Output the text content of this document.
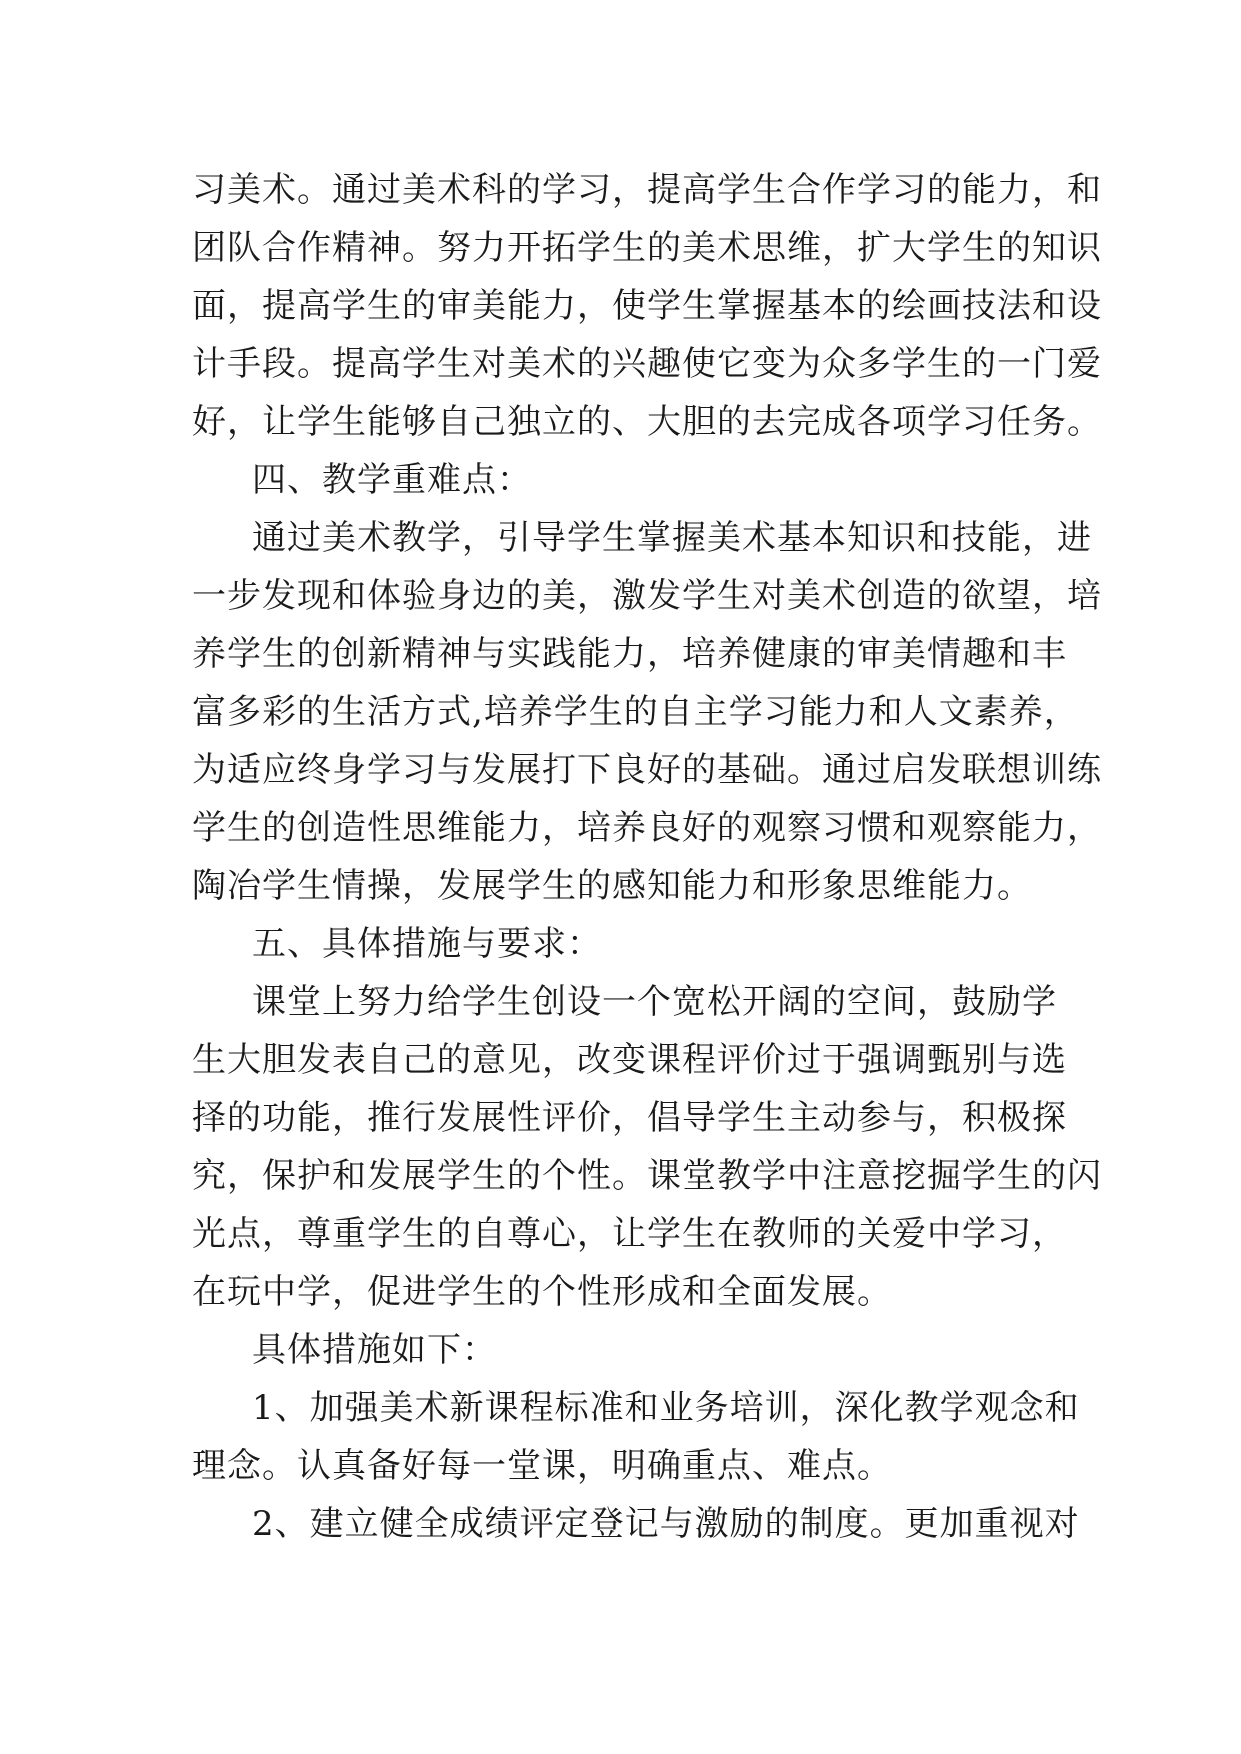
习美术。通过美术科的学习，提高学生合作学习的能力，和
团队合作精神。努力开拓学生的美术思维，扩大学生的知识
面，提高学生的审美能力，使学生掌握基本的绘画技法和设
计手段。提高学生对美术的兴趣使它变为众多学生的一门爱
好，让学生能够自己独立的、大胆的去完成各项学习任务。
四、教学重难点：
通过美术教学，引导学生掌握美术基本知识和技能，进
一步发现和体验身边的美，激发学生对美术创造的欲望，培
养学生的创新精神与实践能力，培养健康的审美情趣和丰
富多彩的生活方式,培养学生的自主学习能力和人文素养，
为适应终身学习与发展打下良好的基础。通过启发联想训练
学生的创造性思维能力，培养良好的观察习惯和观察能力，
陶冶学生情操，发展学生的感知能力和形象思维能力。
五、具体措施与要求：
课堂上努力给学生创设一个宽松开阔的空间，鼓励学
生大胆发表自己的意见，改变课程评价过于强调甄别与选
择的功能，推行发展性评价，倡导学生主动参与，积极探
究，保护和发展学生的个性。课堂教学中注意挖掘学生的闪
光点，尊重学生的自尊心，让学生在教师的关爱中学习，
在玩中学，促进学生的个性形成和全面发展。
具体措施如下：
1、加强美术新课程标准和业务培训，深化教学观念和
理念。认真备好每一堂课，明确重点、难点。
2、建立健全成绩评定登记与激励的制度。更加重视对
